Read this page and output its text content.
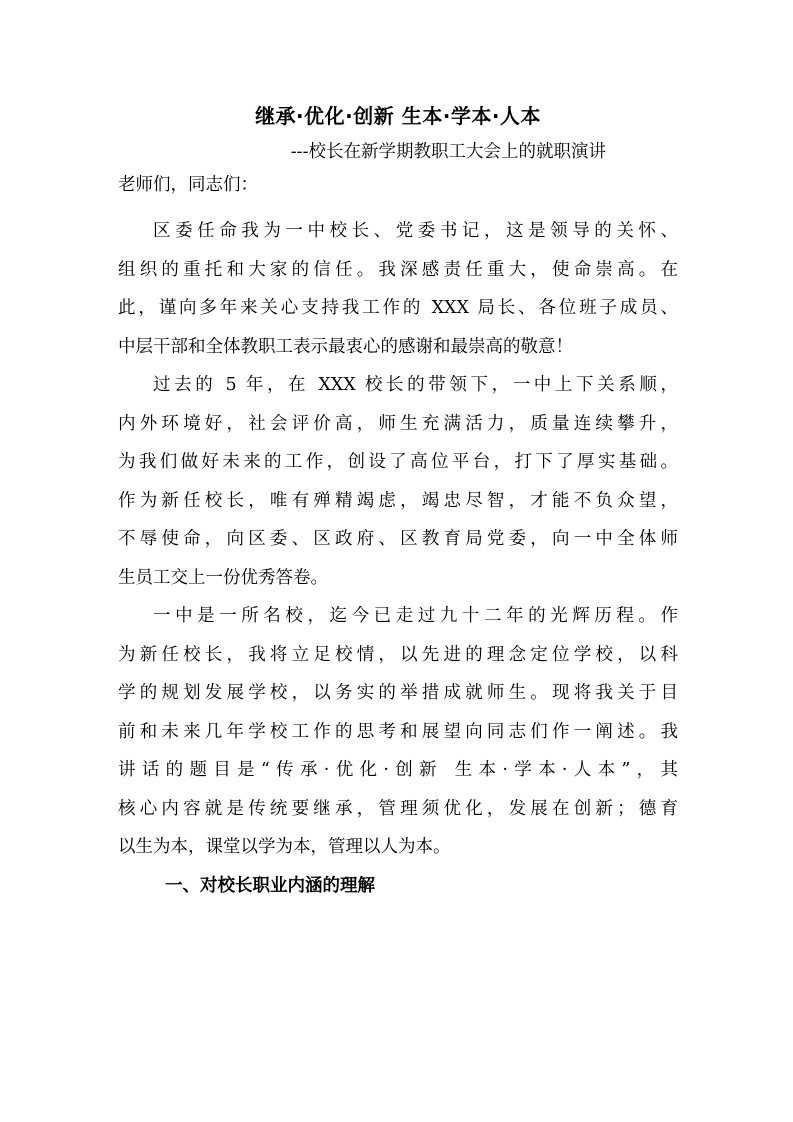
继承·优化·创新 生本·学本·人本

---校长在新学期教职工大会上的就职演讲

老师们，同志们：

区委任命我为一中校长、党委书记，这是领导的关怀、
组织的重托和大家的信任。我深感责任重大，使命崇高。在
此，谨向多年来关心支持我工作的 XXX 局长、各位班子成员、
中层干部和全体教职工表示最衷心的感谢和最崇高的敬意！

过去的 5 年，在 XXX 校长的带领下，一中上下关系顺，
内外环境好，社会评价高，师生充满活力，质量连续攀升，
为我们做好未来的工作，创设了高位平台，打下了厚实基础。
作为新任校长，唯有殚精竭虑，竭忠尽智，才能不负众望，
不辱使命，向区委、区政府、区教育局党委，向一中全体师
生员工交上一份优秀答卷。

一中是一所名校，迄今已走过九十二年的光辉历程。作
为新任校长，我将立足校情，以先进的理念定位学校，以科
学的规划发展学校，以务实的举措成就师生。现将我关于目
前和未来几年学校工作的思考和展望向同志们作一阐述。我
讲话的题目是“传承·优化·创新 生本·学本·人本”，其
核心内容就是传统要继承，管理须优化，发展在创新；德育
以生为本，课堂以学为本，管理以人为本。

一、对校长职业内涵的理解
